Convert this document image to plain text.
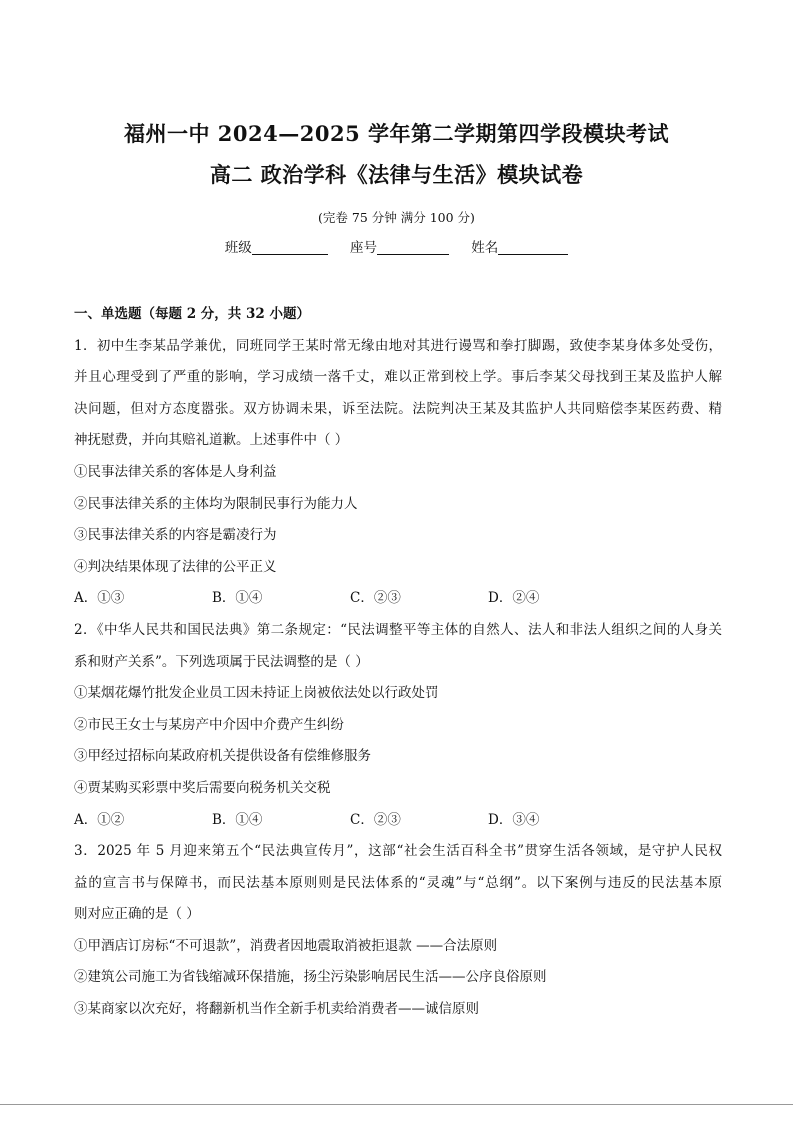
福州一中 2024—2025 学年第二学期第四学段模块考试
高二 政治学科《法律与生活》模块试卷
(完卷 75 分钟 满分 100 分)
班级	座号	姓名
一、单选题（每题 2 分，共 32 小题）
1．初中生李某品学兼优，同班同学王某时常无缘由地对其进行谩骂和拳打脚踢，致使李某身体多处受伤，
并且心理受到了严重的影响，学习成绩一落千丈，难以正常到校上学。事后李某父母找到王某及监护人解
决问题，但对方态度嚣张。双方协调未果，诉至法院。法院判决王某及其监护人共同赔偿李某医药费、精
神抚慰费，并向其赔礼道歉。上述事件中（ ）
①民事法律关系的客体是人身利益
②民事法律关系的主体均为限制民事行为能力人
③民事法律关系的内容是霸凌行为
④判决结果体现了法律的公平正义
A．①③	B．①④	C．②③	D．②④
2．《中华人民共和国民法典》第二条规定：“民法调整平等主体的自然人、法人和非法人组织之间的人身关
系和财产关系”。下列选项属于民法调整的是（ ）
①某烟花爆竹批发企业员工因未持证上岗被依法处以行政处罚
②市民王女士与某房产中介因中介费产生纠纷
③甲经过招标向某政府机关提供设备有偿维修服务
④贾某购买彩票中奖后需要向税务机关交税
A．①②	B．①④	C．②③	D．③④
3．2025 年 5 月迎来第五个“民法典宣传月”，这部“社会生活百科全书”贯穿生活各领域，是守护人民权
益的宣言书与保障书，而民法基本原则则是民法体系的“灵魂”与“总纲”。以下案例与违反的民法基本原
则对应正确的是（ ）
①甲酒店订房标“不可退款”，消费者因地震取消被拒退款 ——合法原则
②建筑公司施工为省钱缩减环保措施，扬尘污染影响居民生活——公序良俗原则
③某商家以次充好，将翻新机当作全新手机卖给消费者——诚信原则
